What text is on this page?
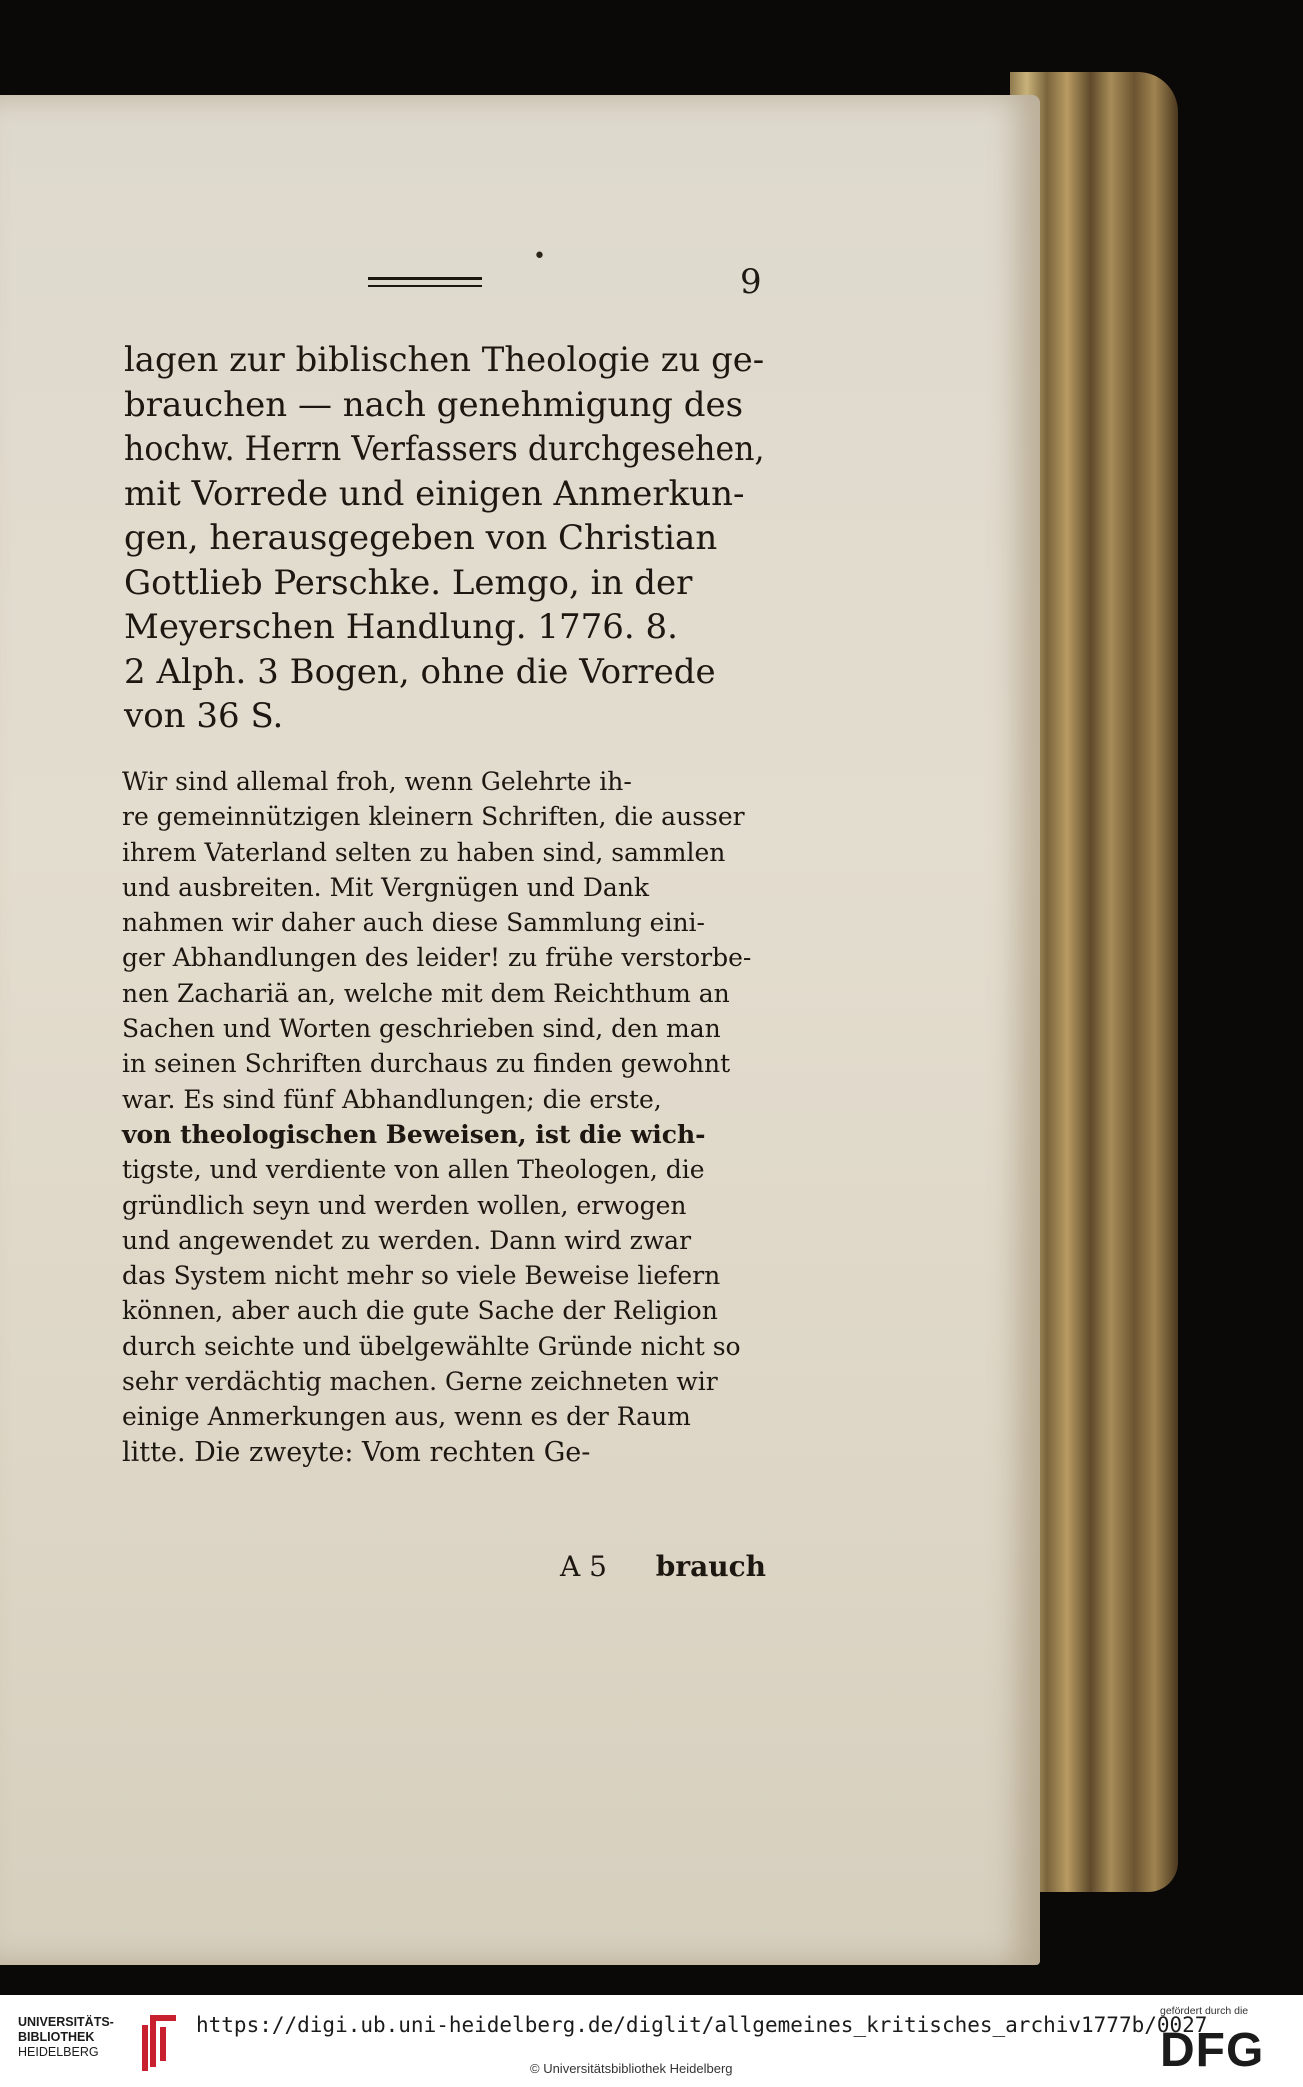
•
9
lagen zur biblischen Theologie zu ge-
brauchen — nach genehmigung des
hochw. Herrn Verfassers durchgesehen,
mit Vorrede und einigen Anmerkun-
gen, herausgegeben von Christian
Gottlieb Perschke. Lemgo, in der
Meyerschen Handlung. 1776. 8.
2 Alph. 3 Bogen, ohne die Vorrede
von 36 S.
Wir sind allemal froh, wenn Gelehrte ih-
re gemeinnützigen kleinern Schriften, die ausser
ihrem Vaterland selten zu haben sind, sammlen
und ausbreiten. Mit Vergnügen und Dank
nahmen wir daher auch diese Sammlung eini-
ger Abhandlungen des leider! zu frühe verstorbe-
nen Zachariä an, welche mit dem Reichthum an
Sachen und Worten geschrieben sind, den man
in seinen Schriften durchaus zu finden gewohnt
war. Es sind fünf Abhandlungen; die erste,
von theologischen Beweisen, ist die wich-
tigste, und verdiente von allen Theologen, die
gründlich seyn und werden wollen, erwogen
und angewendet zu werden. Dann wird zwar
das System nicht mehr so viele Beweise liefern
können, aber auch die gute Sache der Religion
durch seichte und übelgewählte Gründe nicht so
sehr verdächtig machen. Gerne zeichneten wir
einige Anmerkungen aus, wenn es der Raum
litte. Die zweyte: Vom rechten Ge-
A 5 brauch
UNIVERSITÄTS-
BIBLIOTHEK
HEIDELBERG
https://digi.ub.uni-heidelberg.de/diglit/allgemeines_kritisches_archiv1777b/0027
© Universitätsbibliothek Heidelberg
gefördert durch die
DFG
